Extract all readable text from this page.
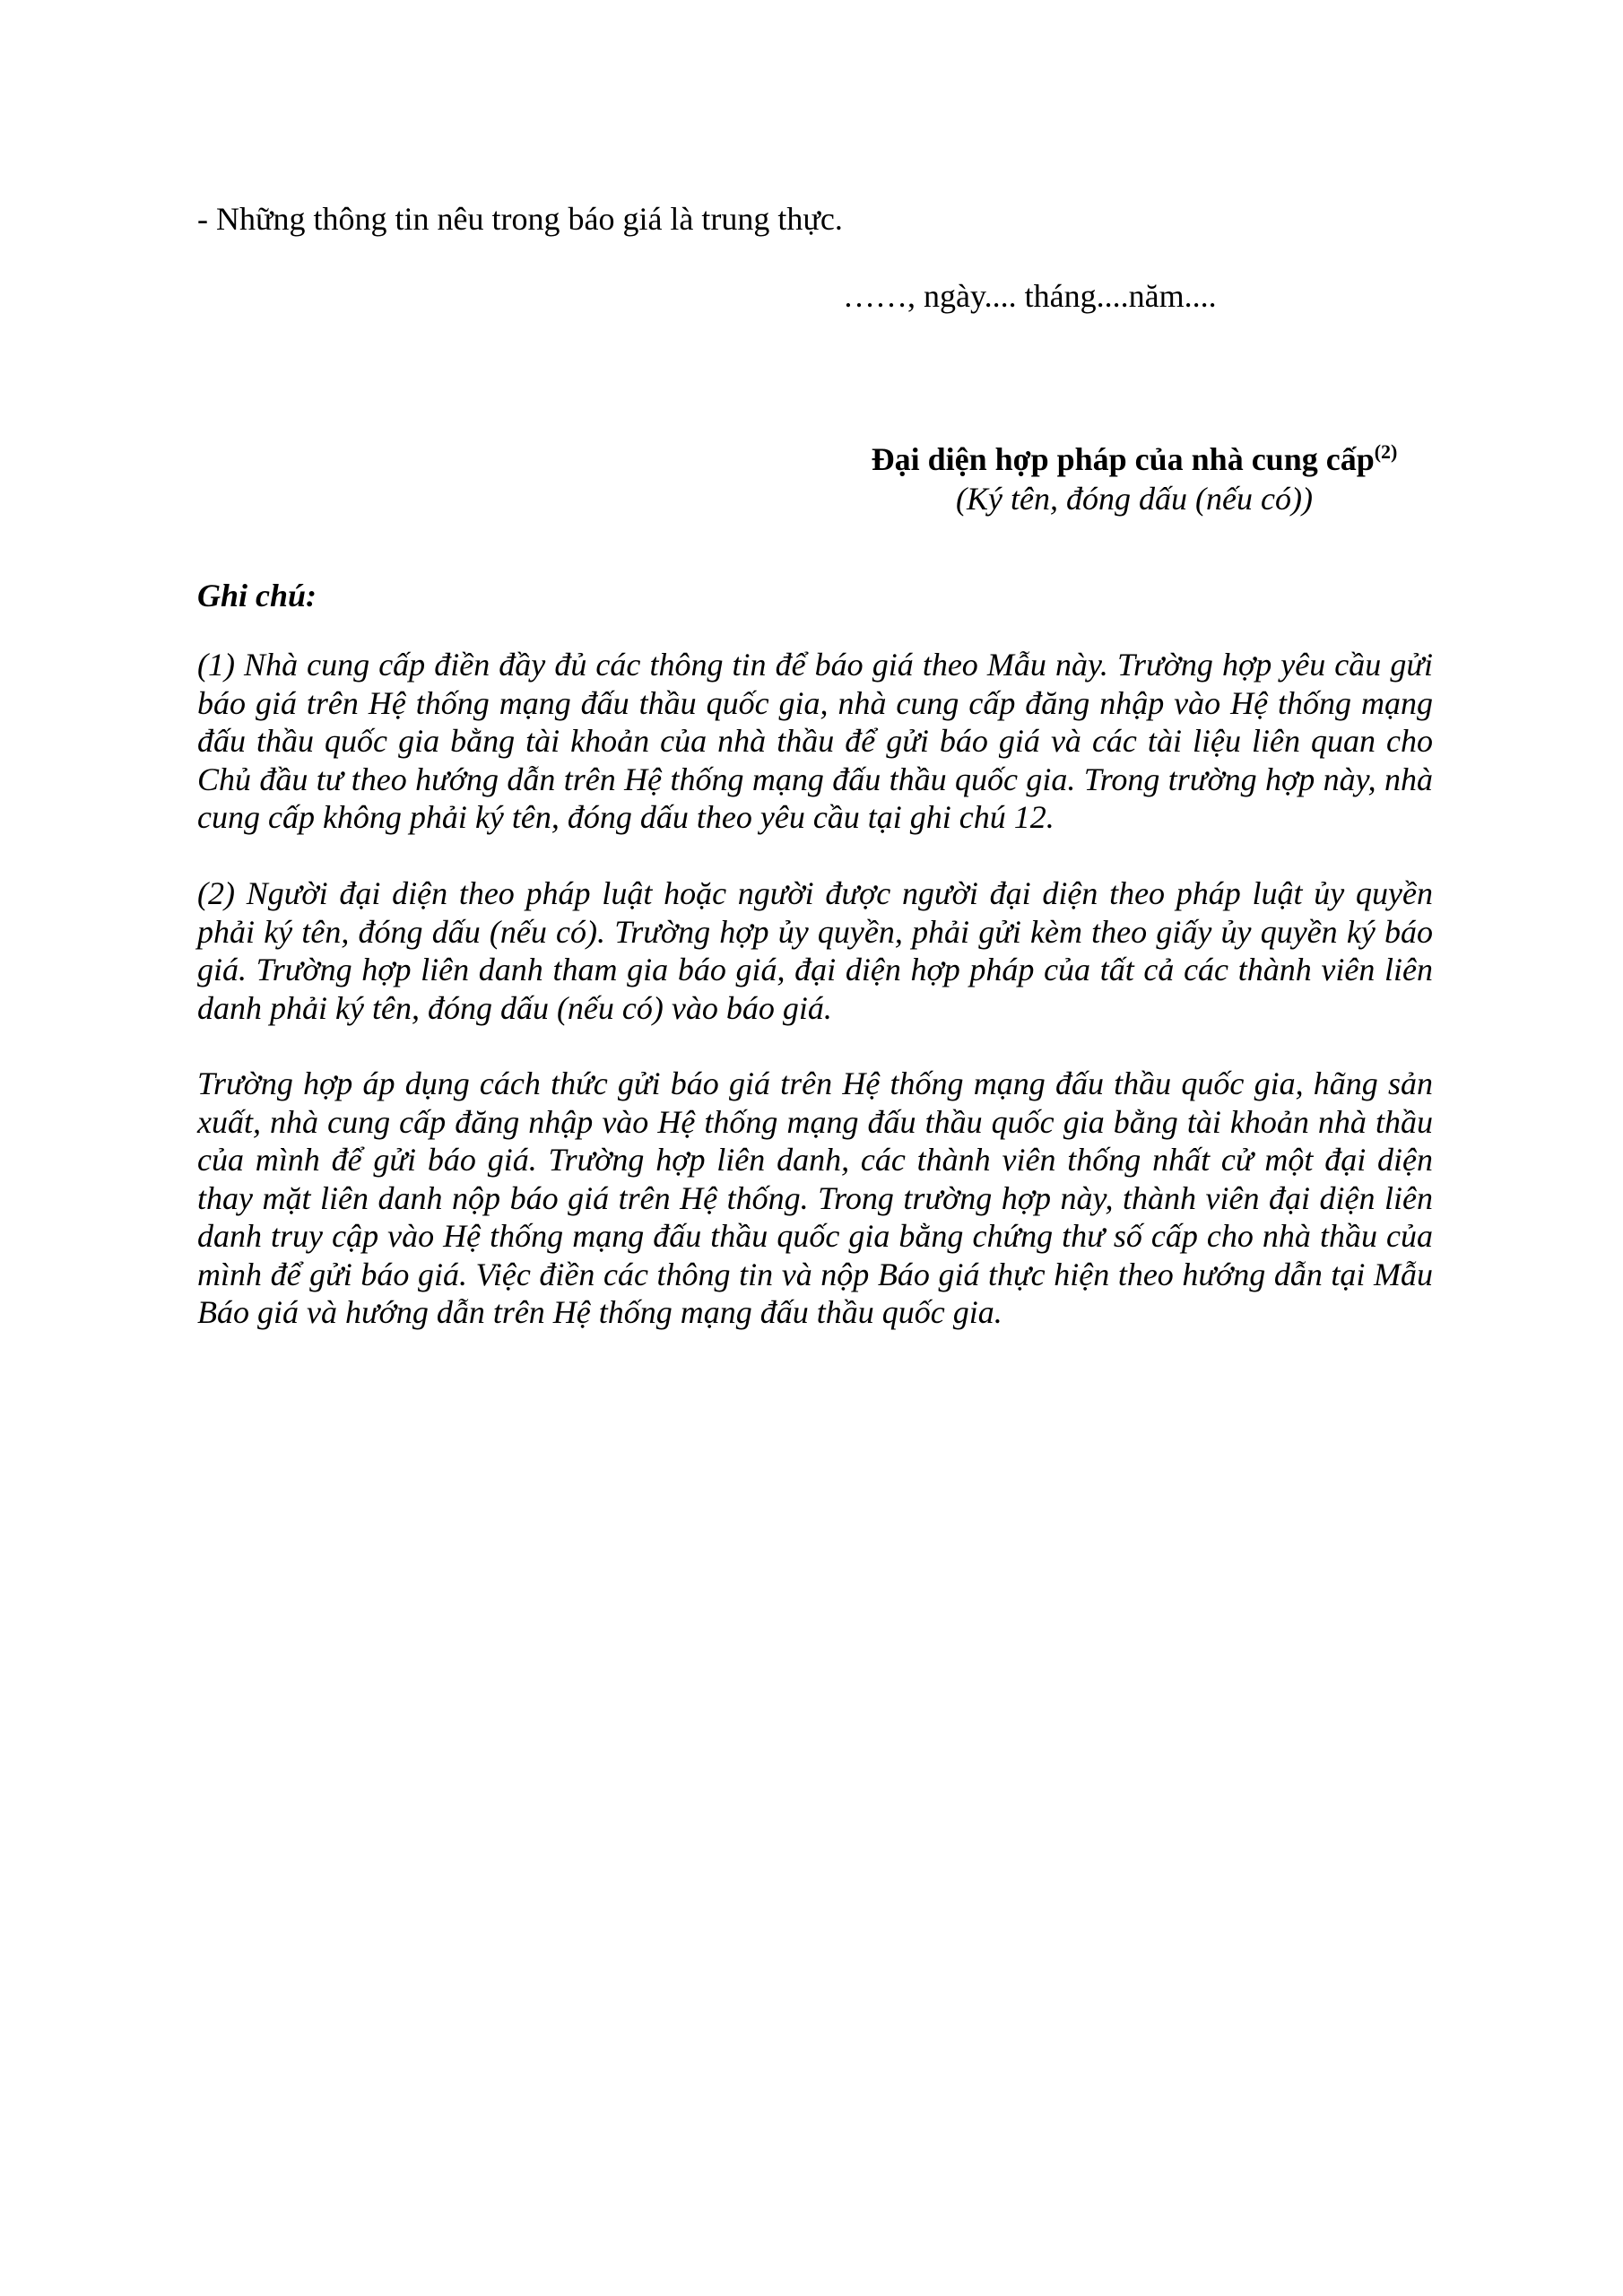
- Những thông tin nêu trong báo giá là trung thực.
……, ngày.... tháng....năm....
Đại diện hợp pháp của nhà cung cấp$^{(2)}$
(Ký tên, đóng dấu (nếu có))
Ghi chú:
(1) Nhà cung cấp điền đầy đủ các thông tin để báo giá theo Mẫu này. Trường hợp yêu cầu gửi báo giá trên Hệ thống mạng đấu thầu quốc gia, nhà cung cấp đăng nhập vào Hệ thống mạng đấu thầu quốc gia bằng tài khoản của nhà thầu để gửi báo giá và các tài liệu liên quan cho Chủ đầu tư theo hướng dẫn trên Hệ thống mạng đấu thầu quốc gia. Trong trường hợp này, nhà cung cấp không phải ký tên, đóng dấu theo yêu cầu tại ghi chú 12.
(2) Người đại diện theo pháp luật hoặc người được người đại diện theo pháp luật ủy quyền phải ký tên, đóng dấu (nếu có). Trường hợp ủy quyền, phải gửi kèm theo giấy ủy quyền ký báo giá. Trường hợp liên danh tham gia báo giá, đại diện hợp pháp của tất cả các thành viên liên danh phải ký tên, đóng dấu (nếu có) vào báo giá.
Trường hợp áp dụng cách thức gửi báo giá trên Hệ thống mạng đấu thầu quốc gia, hãng sản xuất, nhà cung cấp đăng nhập vào Hệ thống mạng đấu thầu quốc gia bằng tài khoản nhà thầu của mình để gửi báo giá. Trường hợp liên danh, các thành viên thống nhất cử một đại diện thay mặt liên danh nộp báo giá trên Hệ thống. Trong trường hợp này, thành viên đại diện liên danh truy cập vào Hệ thống mạng đấu thầu quốc gia bằng chứng thư số cấp cho nhà thầu của mình để gửi báo giá. Việc điền các thông tin và nộp Báo giá thực hiện theo hướng dẫn tại Mẫu Báo giá và hướng dẫn trên Hệ thống mạng đấu thầu quốc gia.
